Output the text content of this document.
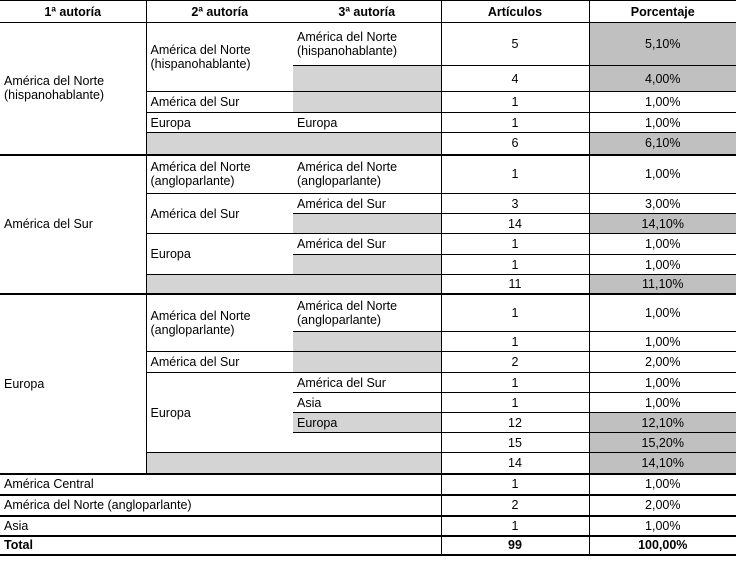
1ª autoría	2ª autoría	3ª autoría	Artículos	Porcentaje
América del Norte (hispanohablante)	América del Norte (hispanohablante)	América del Norte (hispanohablante)	5	5,10%
			4	4,00%
	América del Sur		1	1,00%
	Europa	Europa	1	1,00%
			6	6,10%
América del Sur	América del Norte (angloparlante)	América del Norte (angloparlante)	1	1,00%
	América del Sur	América del Sur	3	3,00%
			14	14,10%
	Europa	América del Sur	1	1,00%
			1	1,00%
			11	11,10%
Europa	América del Norte (angloparlante)	América del Norte (angloparlante)	1	1,00%
			1	1,00%
	América del Sur		2	2,00%
	Europa	América del Sur	1	1,00%
		Asia	1	1,00%
		Europa	12	12,10%
			15	15,20%
			14	14,10%
América Central			1	1,00%
América del Norte (angloparlante)			2	2,00%
Asia			1	1,00%
Total			99	100,00%
